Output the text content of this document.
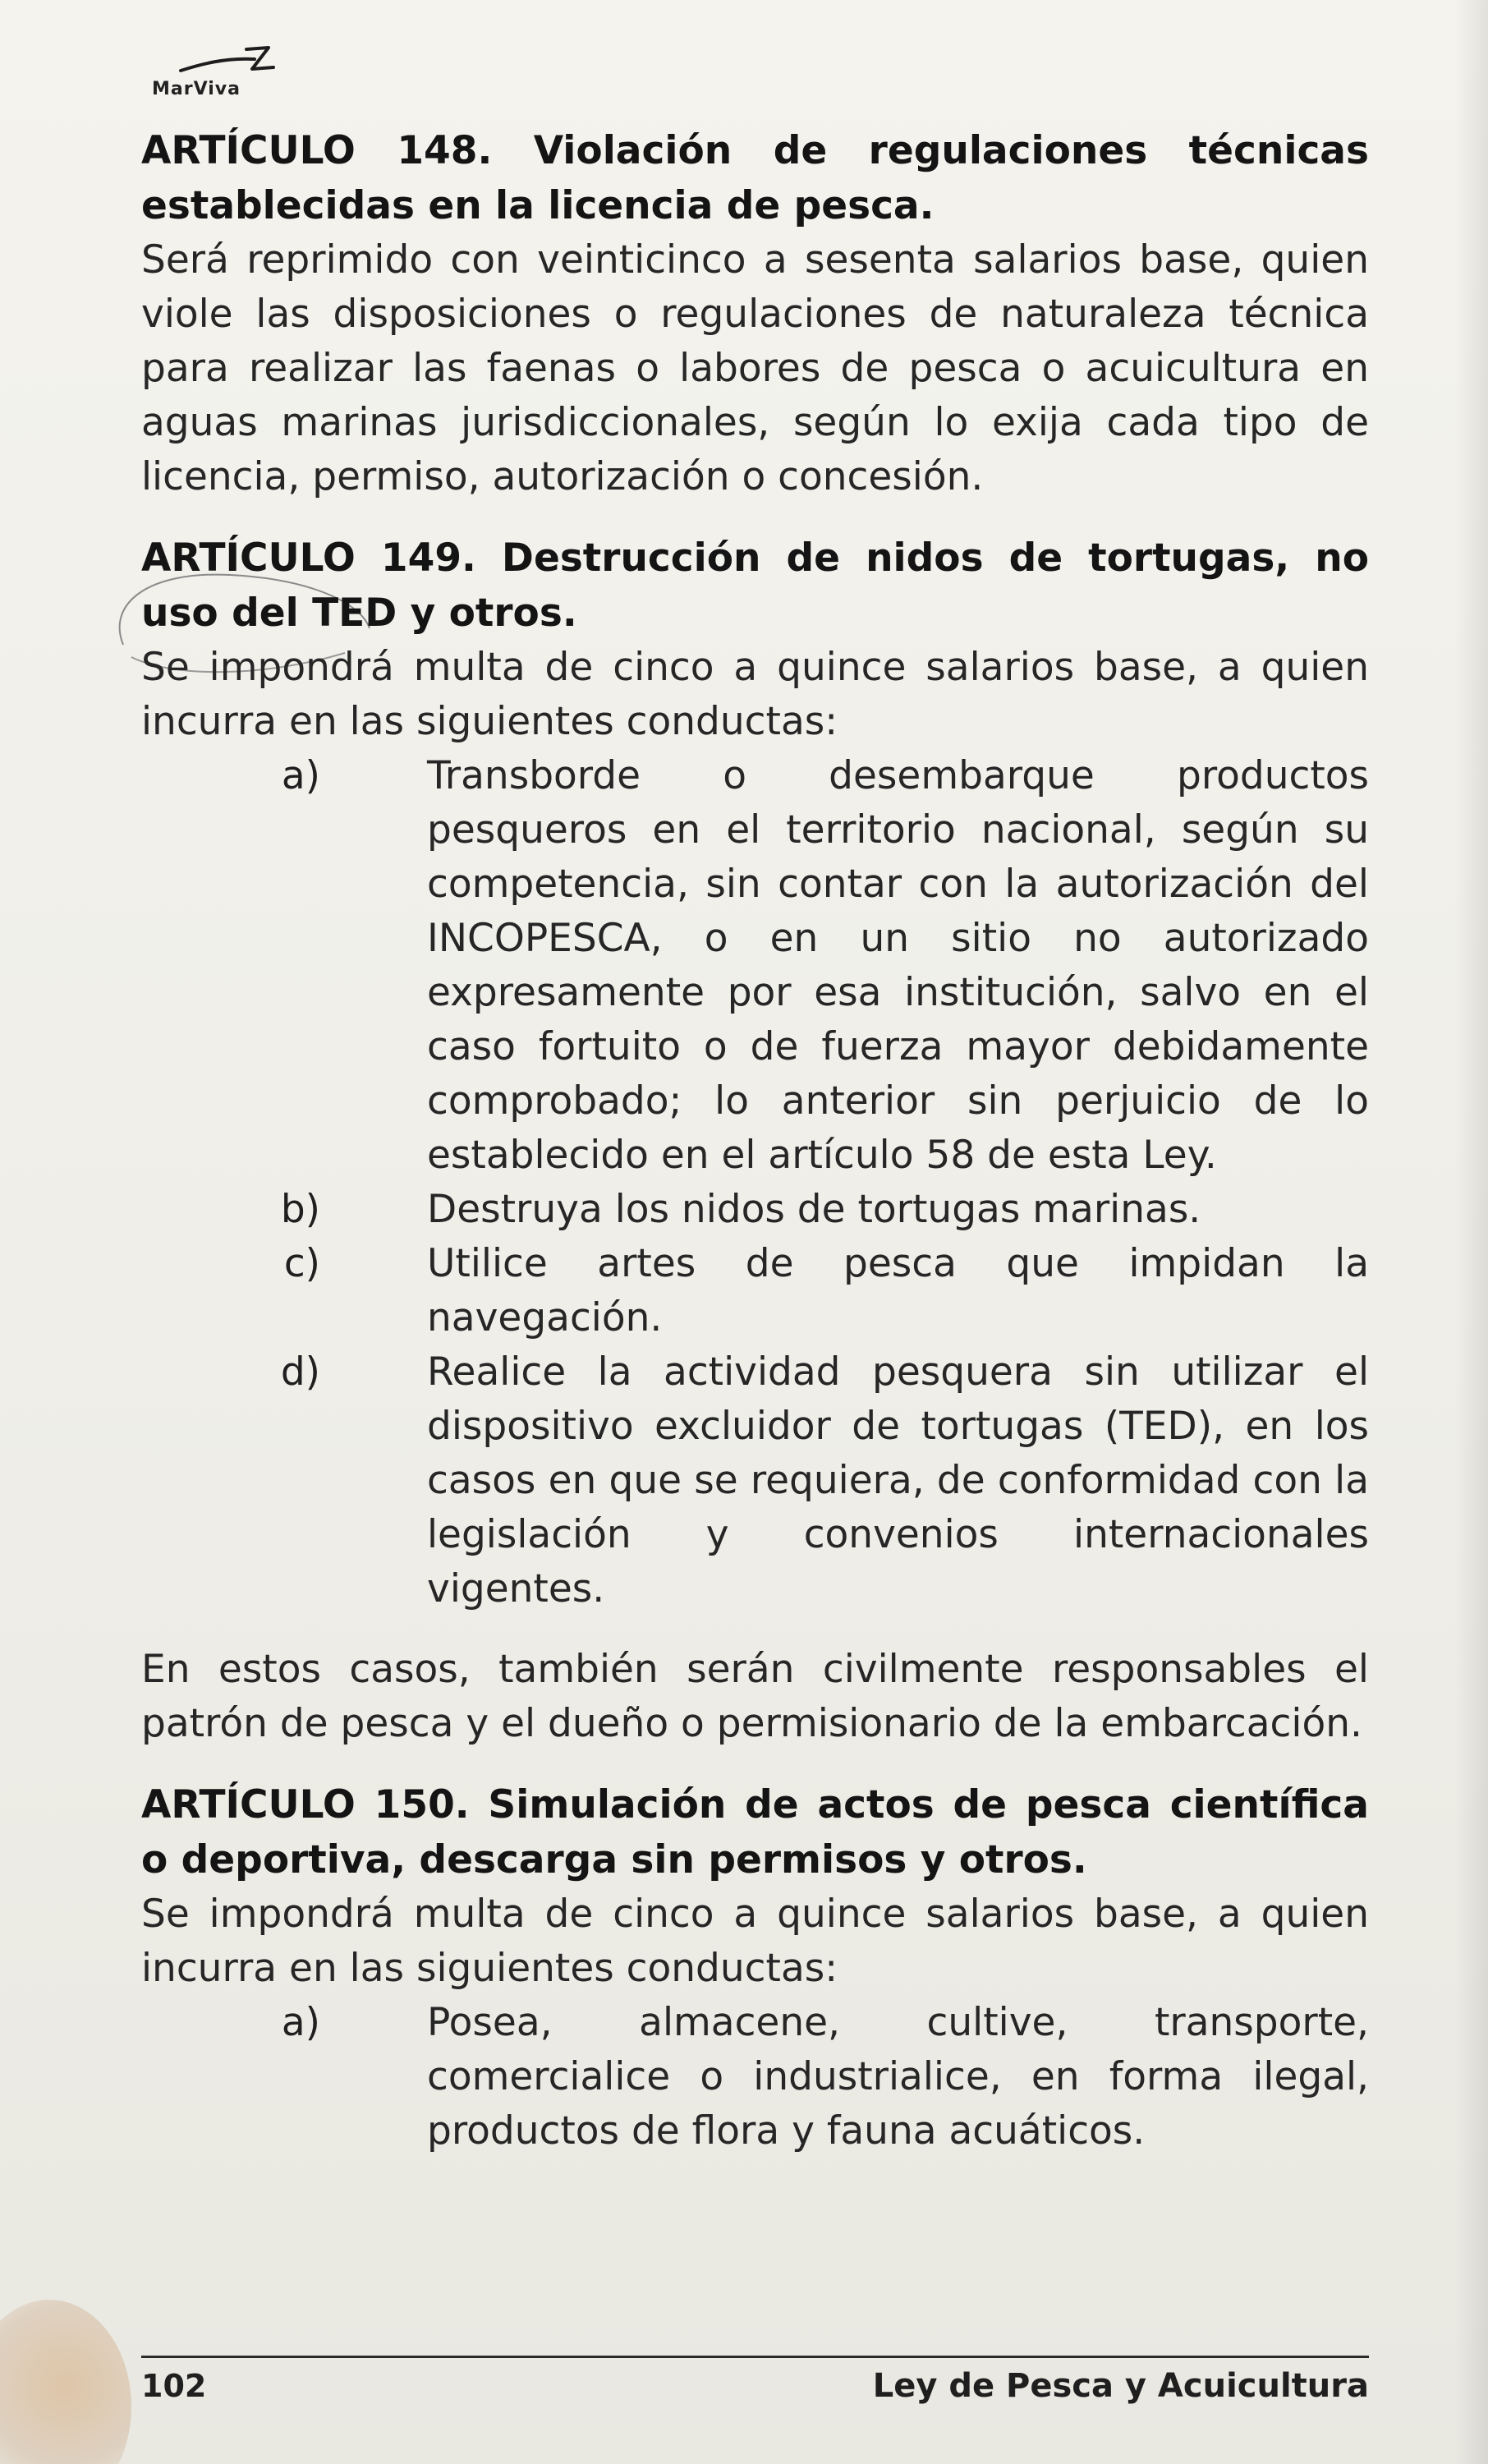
MarViva

ARTÍCULO 148. Violación de regulaciones técnicas establecidas en la licencia de pesca.

Será reprimido con veinticinco a sesenta salarios base, quien viole las disposiciones o regulaciones de naturaleza técnica para realizar las faenas o labores de pesca o acuicultura en aguas marinas jurisdiccionales, según lo exija cada tipo de licencia, permiso, autorización o concesión.

ARTÍCULO 149. Destrucción de nidos de tortugas, no uso del TED y otros.

Se impondrá multa de cinco a quince salarios base, a quien incurra en las siguientes conductas:

a)	Transborde o desembarque productos pesqueros en el territorio nacional, según su competencia, sin contar con la autorización del INCOPESCA, o en un sitio no autorizado expresamente por esa institución, salvo en el caso fortuito o de fuerza mayor debidamente comprobado; lo anterior sin perjuicio de lo establecido en el artículo 58 de esta Ley.
b)	Destruya los nidos de tortugas marinas.
c)	Utilice artes de pesca que impidan la navegación.
d)	Realice la actividad pesquera sin utilizar el dispositivo excluidor de tortugas (TED), en los casos en que se requiera, de conformidad con la legislación y convenios internacionales vigentes.

En estos casos, también serán civilmente responsables el patrón de pesca y el dueño o permisionario de la embarcación.

ARTÍCULO 150. Simulación de actos de pesca científica o deportiva, descarga sin permisos y otros.

Se impondrá multa de cinco a quince salarios base, a quien incurra en las siguientes conductas:

a)	Posea, almacene, cultive, transporte, comercialice o industrialice, en forma ilegal, productos de flora y fauna acuáticos.
102	Ley de Pesca y Acuicultura
